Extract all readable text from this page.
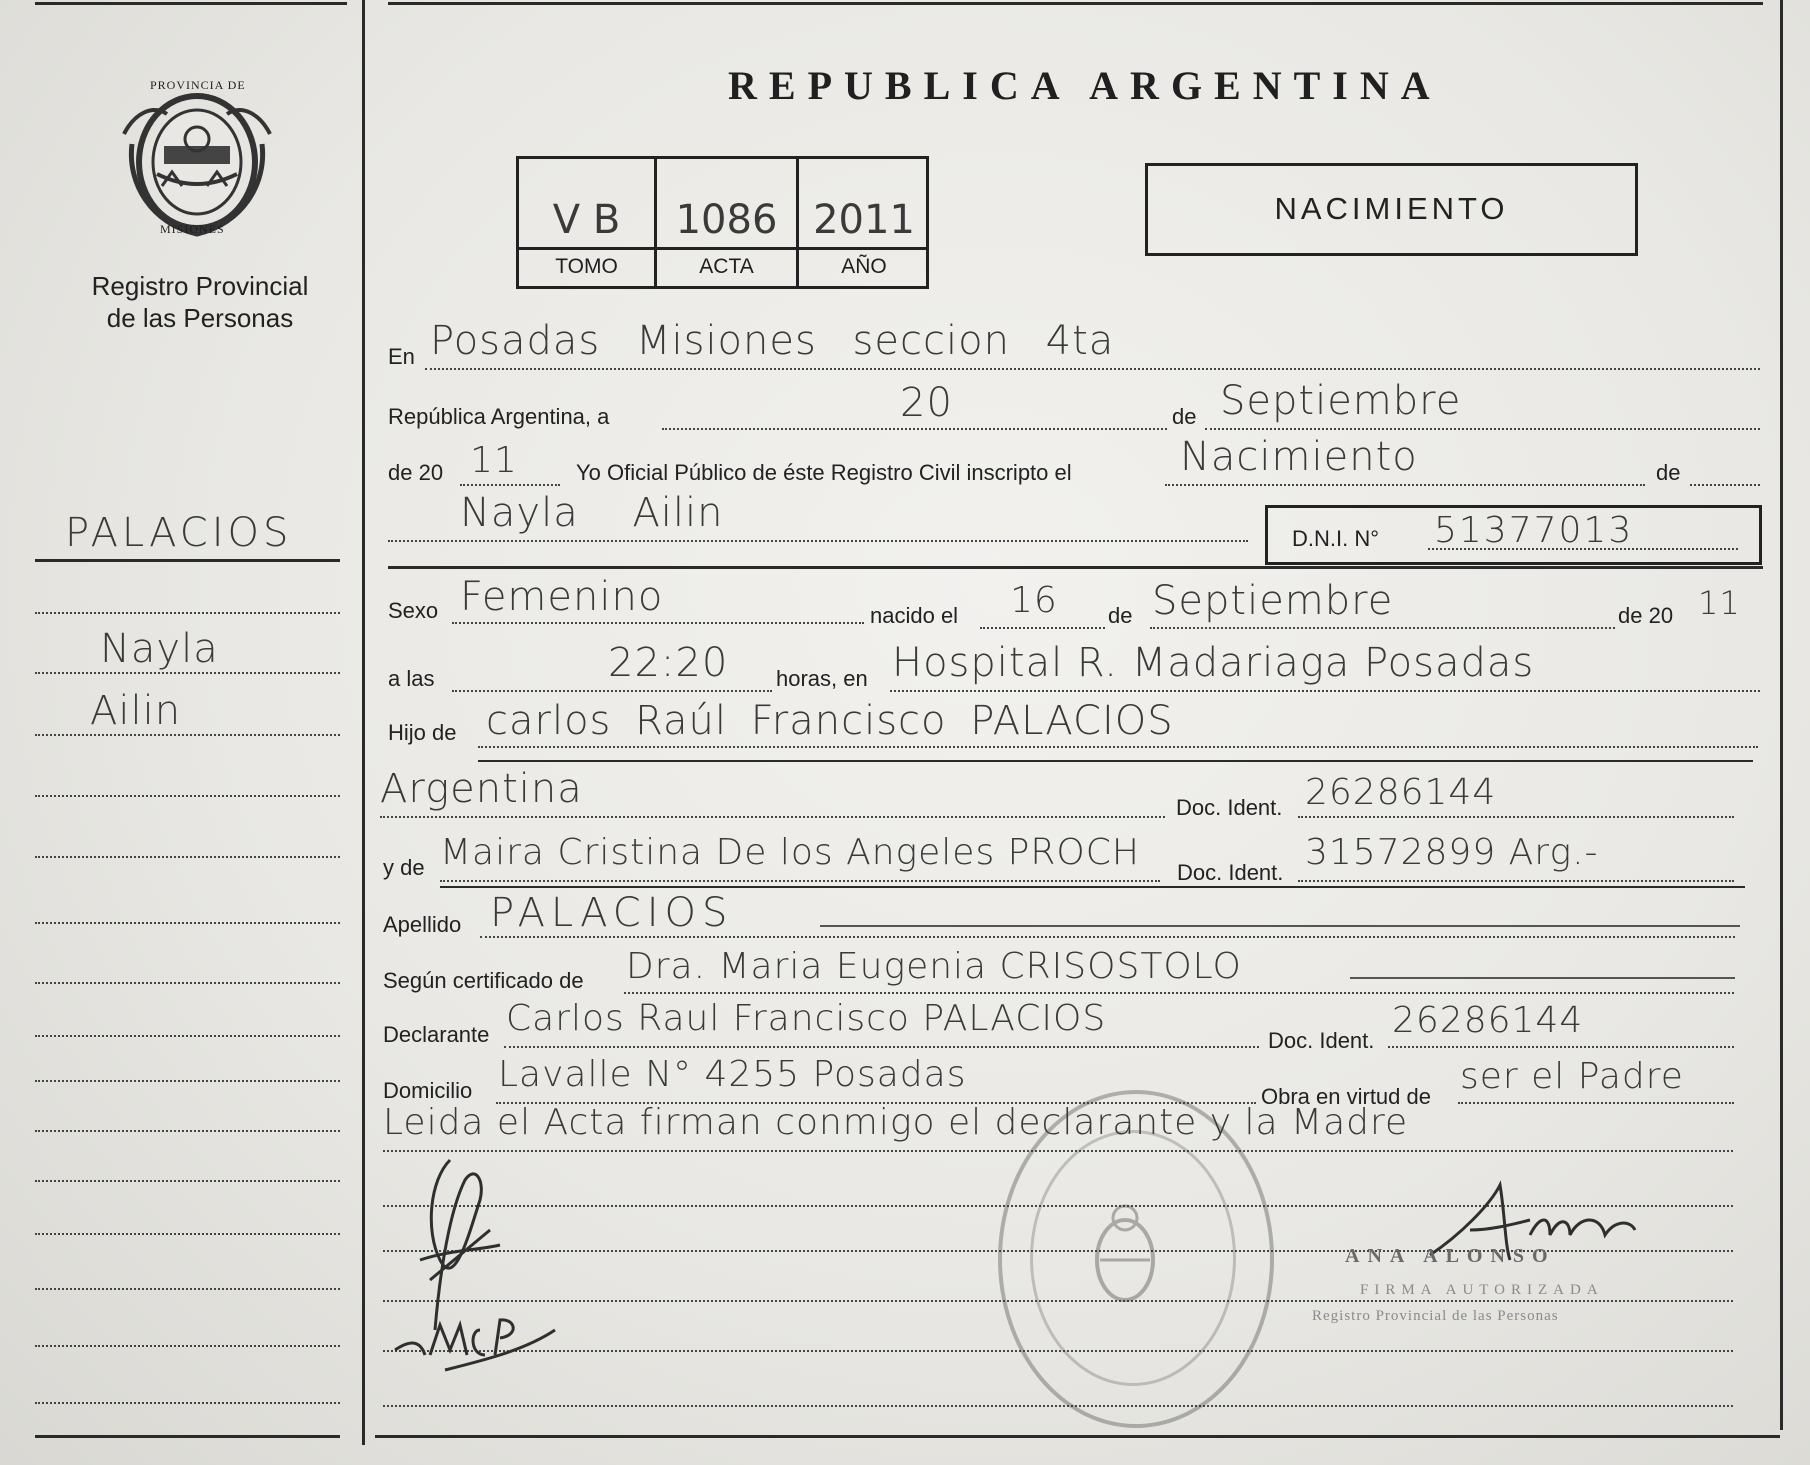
PROVINCIA DE
MISIONES
Registro Provincial
de las Personas
PALACIOS
Nayla
Ailin
REPUBLICA ARGENTINA
V B	1086 2011
TOMO	ACTA	AÑO
NACIMIENTO
En Posadas Misiones seccion 4ta
República Argentina, a	20	de Septiembre
de 20 11	Yo Oficial Público de éste Registro Civil inscripto el	Nacimiento	de
Nayla Ailin
D.N.I. N° 51377013
Sexo Femenino	nacido el 16 de Septiembre	de 20 11
a las	22:20 horas, en Hospital R. Madariaga Posadas
Hijo de carlos Raúl Francisco PALACIOS
Argentina	Doc. Ident. 26286144
y de Maira Cristina De los Angeles PROCH Doc. Ident. 31572899 Arg.-
Apellido PALACIOS
Según certificado de Dra. Maria Eugenia CRISOSTOLO
Declarante Carlos Raul Francisco PALACIOS
Doc. Ident. 26286144
Domicilio Lavalle N° 4255 Posadas
Obra en virtud de ser el Padre
Leida el Acta firman conmigo el declarante y la Madre
ANA ALONSO
FIRMA AUTORIZADA
Registro Provincial de las Personas
